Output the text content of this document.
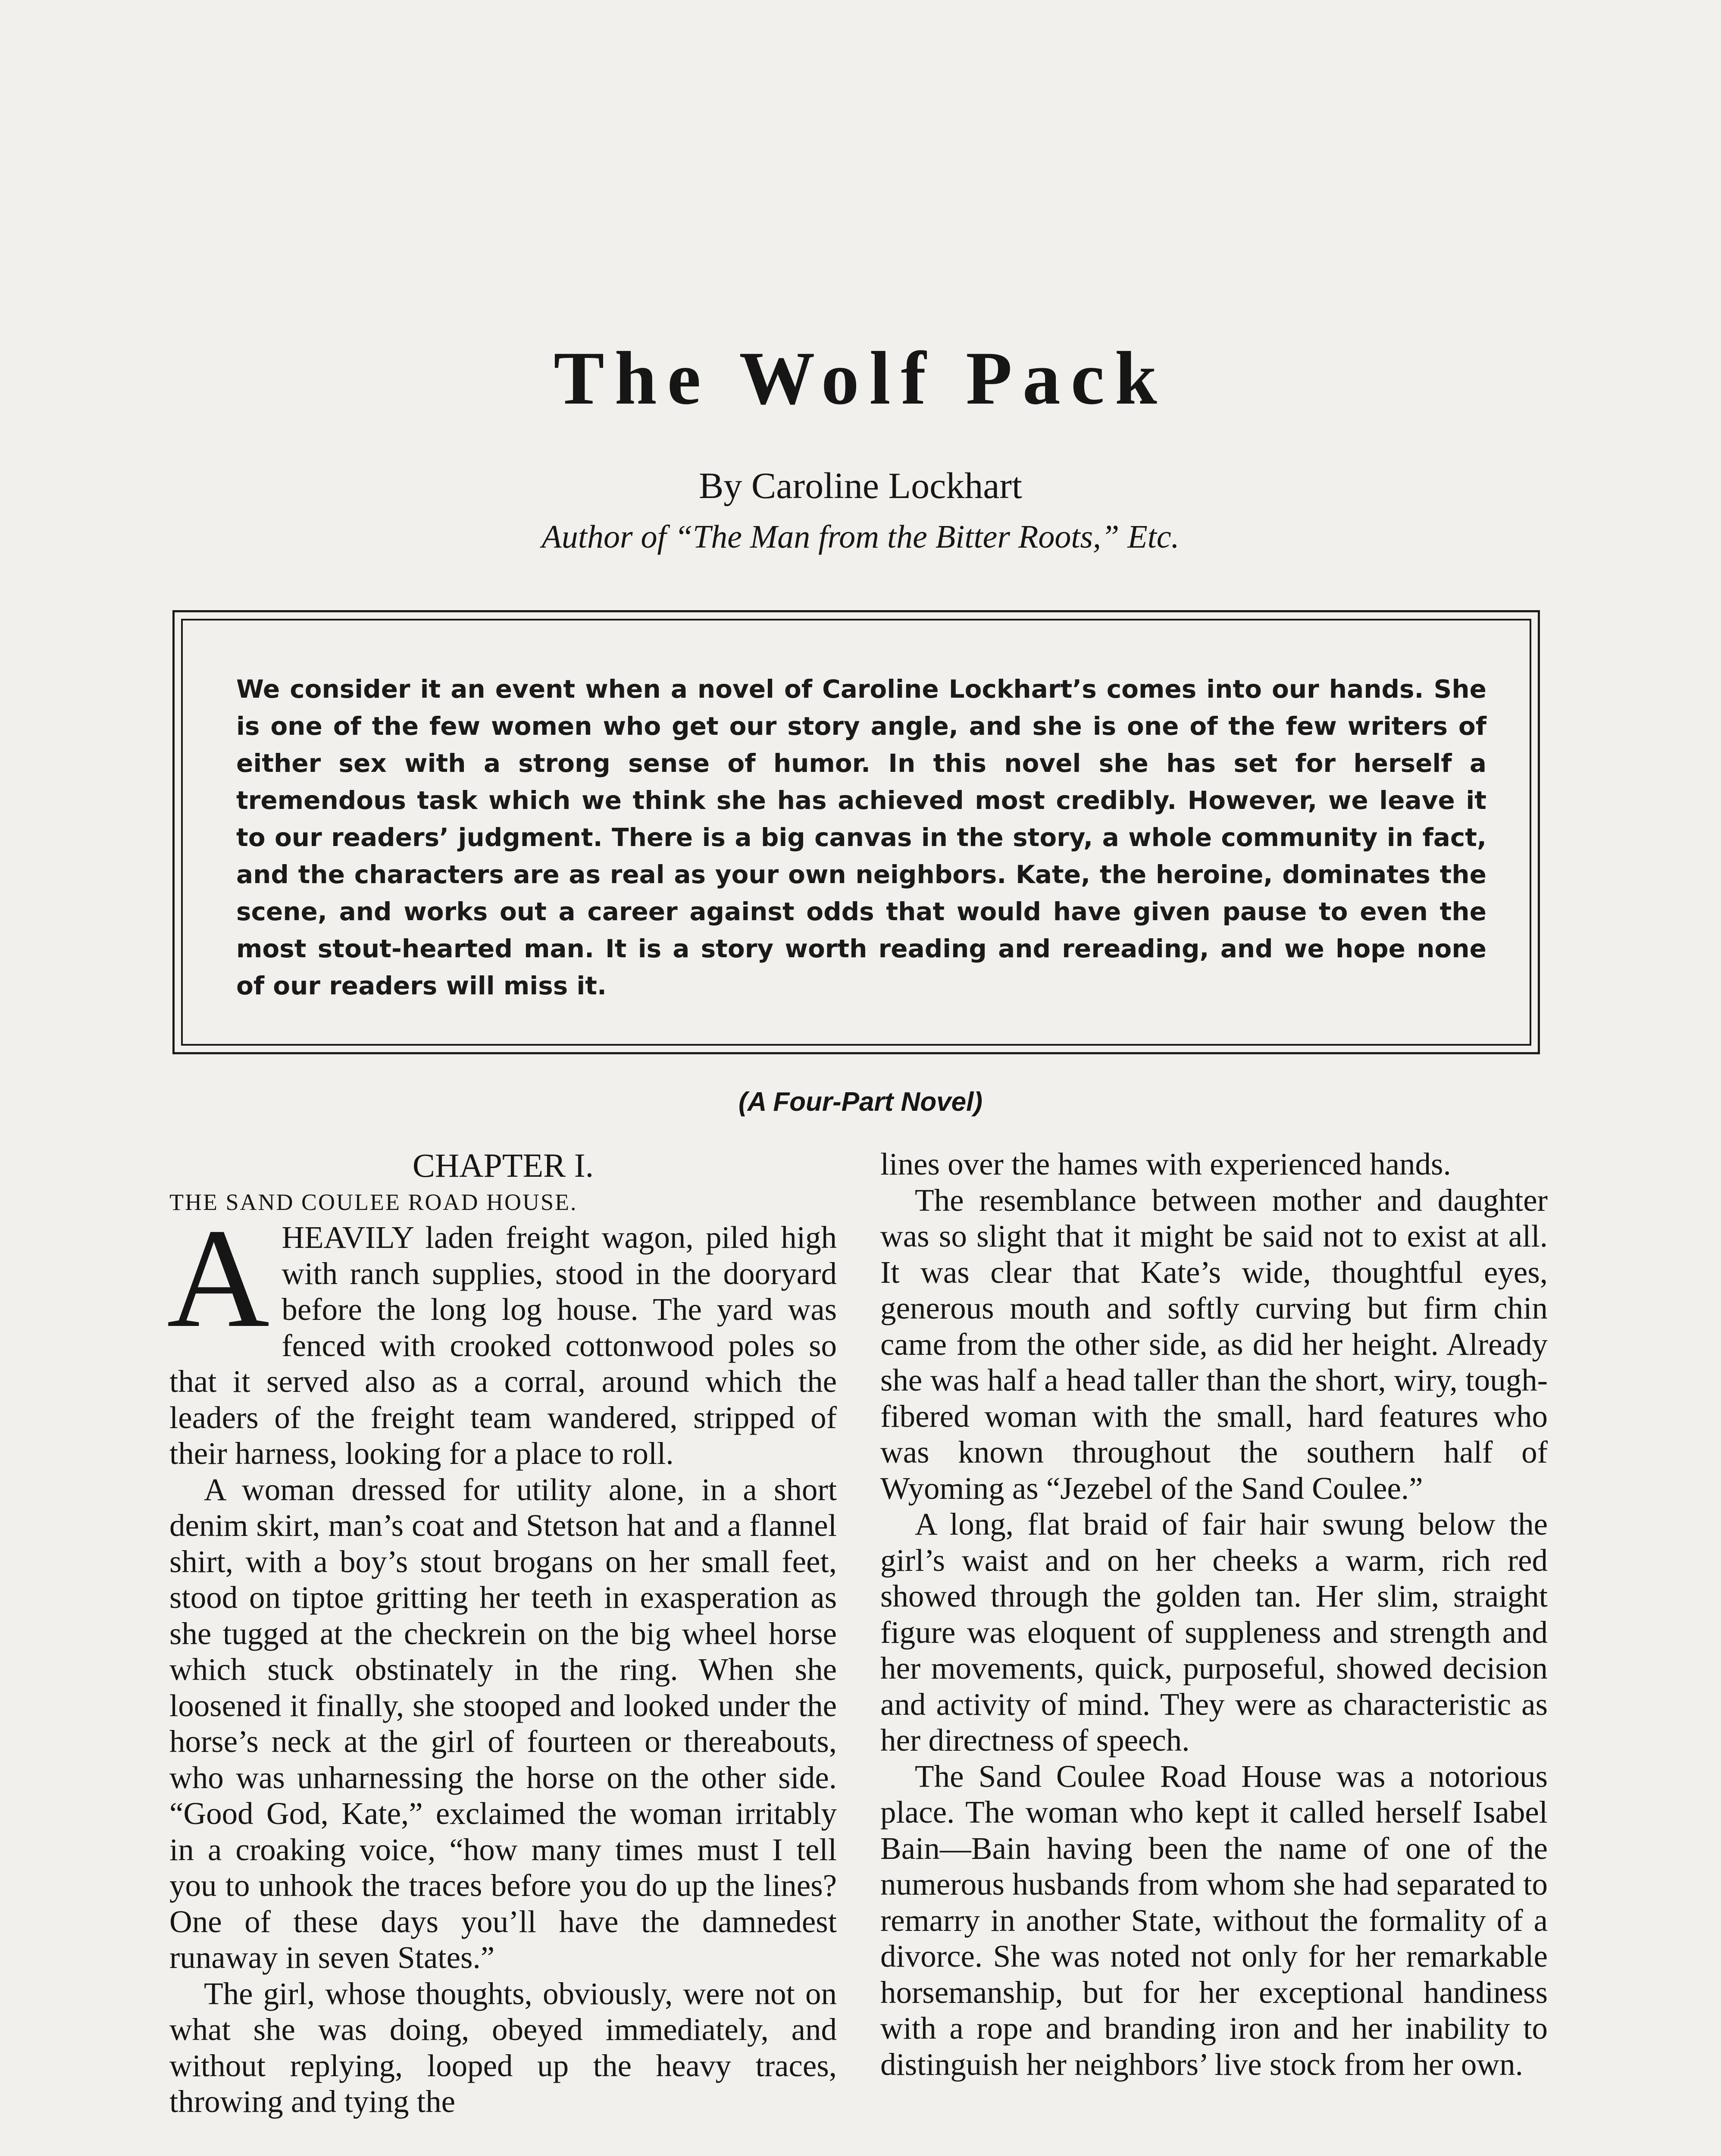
The Wolf Pack

By Caroline Lockhart

Author of “The Man from the Bitter Roots,” Etc.

We consider it an event when a novel of Caroline Lockhart’s comes into our hands. She is one of the few women who get our story angle, and she is one of the few writers of either sex with a strong sense of humor. In this novel she has set for herself a tremendous task which we think she has achieved most credibly. However, we leave it to our readers’ judgment. There is a big canvas in the story, a whole community in fact, and the characters are as real as your own neighbors. Kate, the heroine, dominates the scene, and works out a career against odds that would have given pause to even the most stout-hearted man. It is a story worth reading and rereading, and we hope none of our readers will miss it.

(A Four-Part Novel)

CHAPTER I.

THE SAND COULEE ROAD HOUSE.

AHEAVILY laden freight wagon, piled high with ranch supplies, stood in the dooryard before the long log house. The yard was fenced with crooked cottonwood poles so that it served also as a corral, around which the leaders of the freight team wandered, stripped of their harness, looking for a place to roll.

A woman dressed for utility alone, in a short denim skirt, man’s coat and Stetson hat and a flannel shirt, with a boy’s stout brogans on her small feet, stood on tiptoe gritting her teeth in exasperation as she tugged at the checkrein on the big wheel horse which stuck obstinately in the ring. When she loosened it finally, she stooped and looked under the horse’s neck at the girl of fourteen or thereabouts, who was unharnessing the horse on the other side. “Good God, Kate,” exclaimed the woman irritably in a croaking voice, “how many times must I tell you to unhook the traces before you do up the lines? One of these days you’ll have the damnedest runaway in seven States.”

The girl, whose thoughts, obviously, were not on what she was doing, obeyed immediately, and without replying, looped up the heavy traces, throwing and tying the

lines over the hames with experienced hands.

The resemblance between mother and daughter was so slight that it might be said not to exist at all. It was clear that Kate’s wide, thoughtful eyes, generous mouth and softly curving but firm chin came from the other side, as did her height. Already she was half a head taller than the short, wiry, tough-fibered woman with the small, hard features who was known throughout the southern half of Wyoming as “Jezebel of the Sand Coulee.”

A long, flat braid of fair hair swung below the girl’s waist and on her cheeks a warm, rich red showed through the golden tan. Her slim, straight figure was eloquent of suppleness and strength and her movements, quick, purposeful, showed decision and activity of mind. They were as characteristic as her directness of speech.

The Sand Coulee Road House was a notorious place. The woman who kept it called herself Isabel Bain—Bain having been the name of one of the numerous husbands from whom she had separated to remarry in another State, without the formality of a divorce. She was noted not only for her remarkable horsemanship, but for her exceptional handiness with a rope and branding iron and her inability to distinguish her neighbors’ live stock from her own.
